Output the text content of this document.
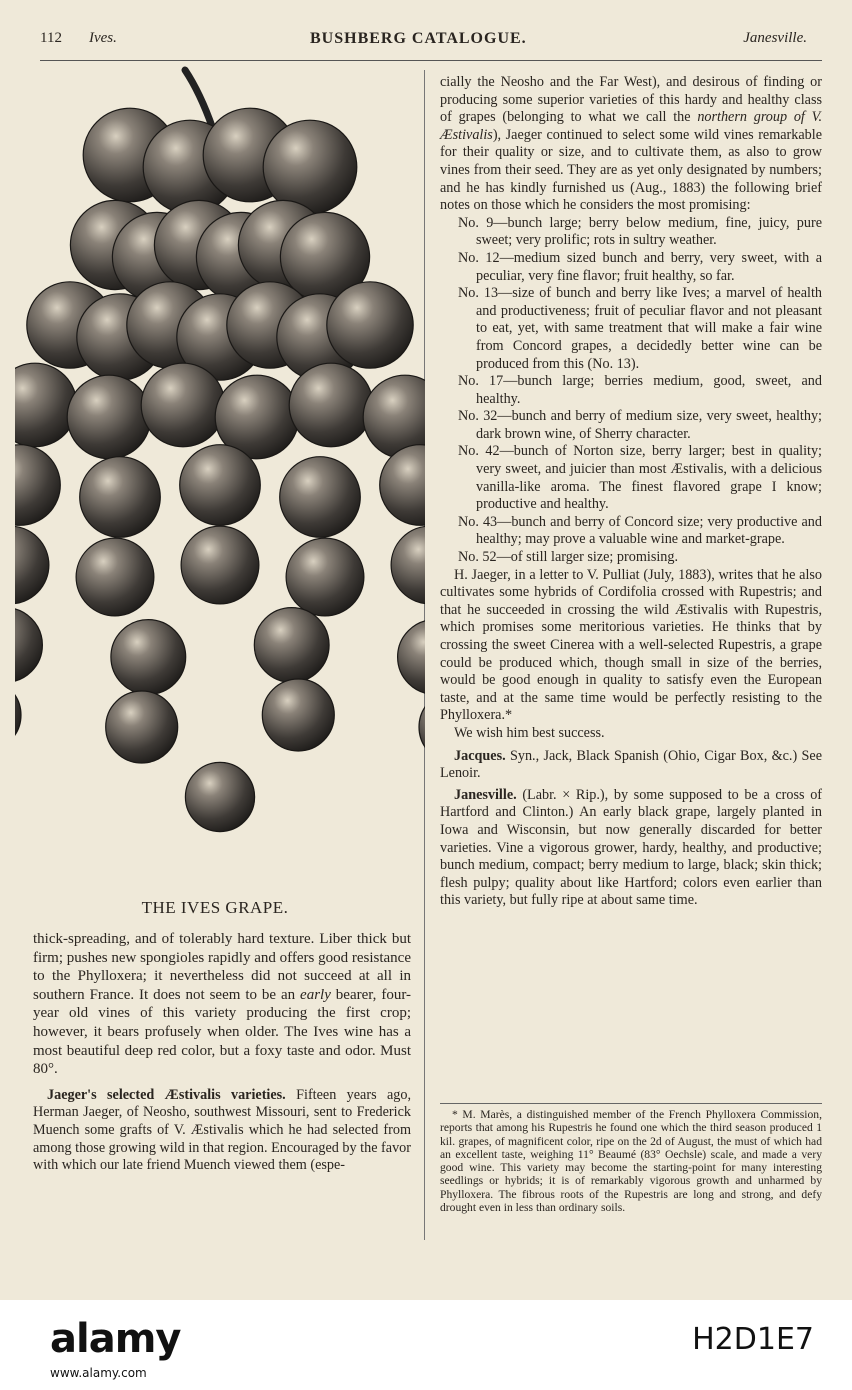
112 Ives.	BUSHBERG CATALOGUE.	Janesville.
THE IVES GRAPE.

thick-spreading, and of tolerably hard texture. Liber thick but firm; pushes new spongioles rapidly and offers good resistance to the Phylloxera; it nevertheless did not succeed at all in southern France. It does not seem to be an early bearer, four-year old vines of this variety producing the first crop; however, it bears profusely when older. The Ives wine has a most beautiful deep red color, but a foxy taste and odor. Must 80°.

Jaeger's selected Æstivalis varieties. Fifteen years ago, Herman Jaeger, of Neosho, southwest Missouri, sent to Frederick Muench some grafts of V. Æstivalis which he had selected from among those growing wild in that region. Encouraged by the favor with which our late friend Muench viewed them (espe-

cially the Neosho and the Far West), and desirous of finding or producing some superior varieties of this hardy and healthy class of grapes (belonging to what we call the northern group of V. Æstivalis), Jaeger continued to select some wild vines remarkable for their quality or size, and to cultivate them, as also to grow vines from their seed. They are as yet only designated by numbers; and he has kindly furnished us (Aug., 1883) the following brief notes on those which he considers the most promising:

No. 9—bunch large; berry below medium, fine, juicy, pure sweet; very prolific; rots in sultry weather.

No. 12—medium sized bunch and berry, very sweet, with a peculiar, very fine flavor; fruit healthy, so far.

No. 13—size of bunch and berry like Ives; a marvel of health and productiveness; fruit of peculiar flavor and not pleasant to eat, yet, with same treatment that will make a fair wine from Concord grapes, a decidedly better wine can be produced from this (No. 13).

No. 17—bunch large; berries medium, good, sweet, and healthy.

No. 32—bunch and berry of medium size, very sweet, healthy; dark brown wine, of Sherry character.

No. 42—bunch of Norton size, berry larger; best in quality; very sweet, and juicier than most Æstivalis, with a delicious vanilla-like aroma. The finest flavored grape I know; productive and healthy.

No. 43—bunch and berry of Concord size; very productive and healthy; may prove a valuable wine and market-grape.

No. 52—of still larger size; promising.

H. Jaeger, in a letter to V. Pulliat (July, 1883), writes that he also cultivates some hybrids of Cordifolia crossed with Rupestris; and that he succeeded in crossing the wild Æstivalis with Rupestris, which promises some meritorious varieties. He thinks that by crossing the sweet Cinerea with a well-selected Rupestris, a grape could be produced which, though small in size of the berries, would be good enough in quality to satisfy even the European taste, and at the same time would be perfectly resisting to the Phylloxera.*

We wish him best success.

Jacques. Syn., Jack, Black Spanish (Ohio, Cigar Box, &c.) See Lenoir.

Janesville. (Labr. × Rip.), by some supposed to be a cross of Hartford and Clinton.) An early black grape, largely planted in Iowa and Wisconsin, but now generally discarded for better varieties. Vine a vigorous grower, hardy, healthy, and productive; bunch medium, compact; berry medium to large, black; skin thick; flesh pulpy; quality about like Hartford; colors even earlier than this variety, but fully ripe at about same time.

* M. Marès, a distinguished member of the French Phylloxera Commission, reports that among his Rupestris he found one which the third season produced 1 kil. grapes, of magnificent color, ripe on the 2d of August, the must of which had an excellent taste, weighing 11° Beaumé (83° Oechsle) scale, and made a very good wine. This variety may become the starting-point for many interesting seedlings or hybrids; it is of remarkably vigorous growth and unharmed by Phylloxera. The fibrous roots of the Rupestris are long and strong, and defy drought even in less than ordinary soils.

alamy	H2D1E7
www.alamy.com
